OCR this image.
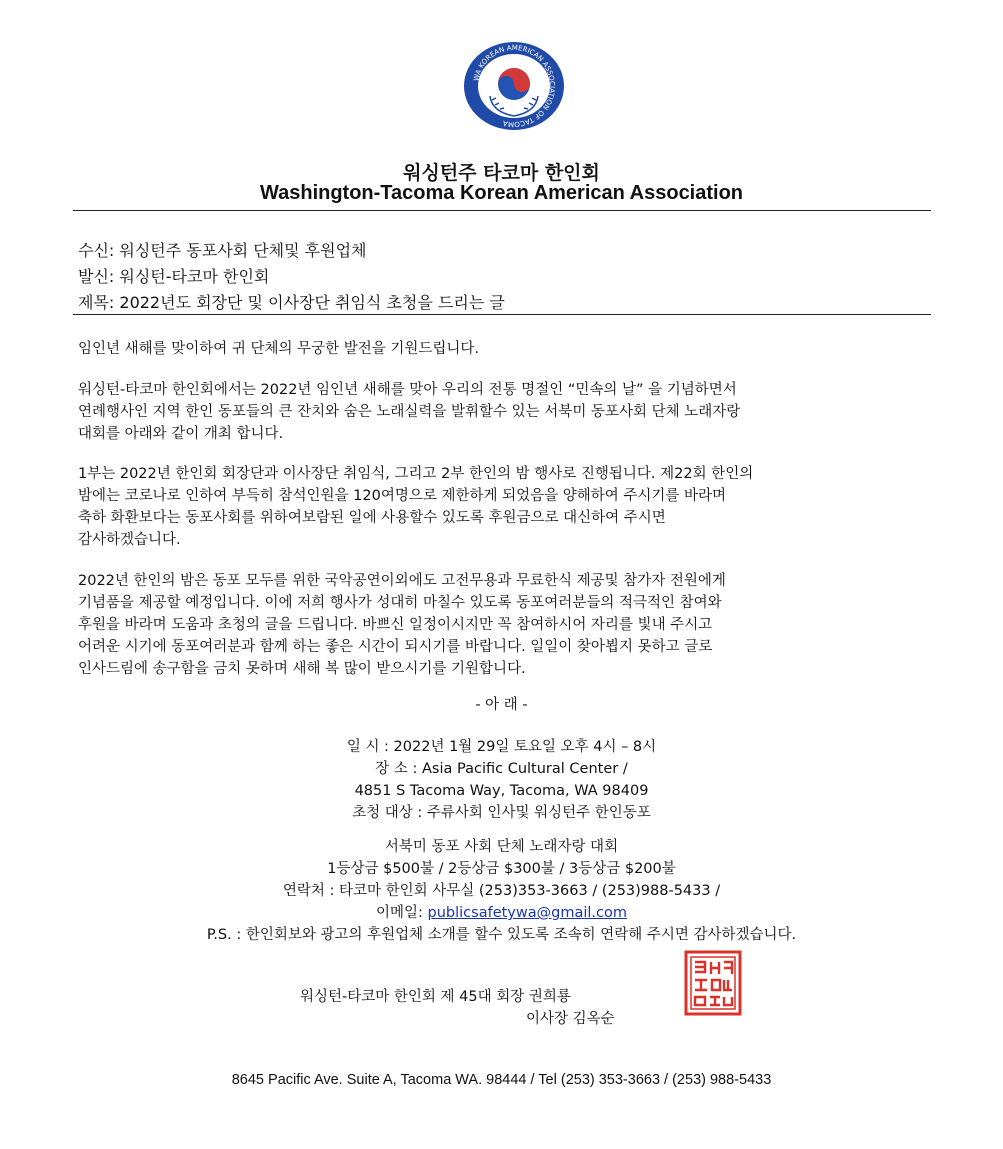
WA KOREAN AMERICAN ASSOCIATION OF TACOMA
워싱턴주 타코마 한인회
Washington-Tacoma Korean American Association
수신: 워싱턴주 동포사회 단체및 후원업체
발신: 워싱턴-타코마 한인회
제목: 2022년도 회장단 및 이사장단 취임식 초청을 드리는 글
임인년 새해를 맞이하여 귀 단체의 무궁한 발전을 기원드립니다.
워싱턴-타코마 한인회에서는 2022년 임인년 새해를 맞아 우리의 전통 명절인 “민속의 날” 을 기념하면서
연례행사인 지역 한인 동포들의 큰 잔치와 숨은 노래실력을 발휘할수 있는 서북미 동포사회 단체 노래자랑
대회를 아래와 같이 개최 합니다.
1부는 2022년 한인회 회장단과 이사장단 취임식, 그리고 2부 한인의 밤 행사로 진행됩니다. 제22회 한인의
밤에는 코로나로 인하여 부득히 참석인원을 120여명으로 제한하게 되었음을 양해하여 주시기를 바라며
축하 화환보다는 동포사회를 위하여보람된 일에 사용할수 있도록 후원금으로 대신하여 주시면
감사하겠습니다.
2022년 한인의 밤은 동포 모두를 위한 국악공연이외에도 고전무용과 무료한식 제공및 참가자 전원에게
기념품을 제공할 예정입니다. 이에 저희 행사가 성대히 마칠수 있도록 동포여러분들의 적극적인 참여와
후원을 바라며 도움과 초청의 글을 드립니다. 바쁘신 일정이시지만 꼭 참여하시어 자리를 빛내 주시고
어려운 시기에 동포여러분과 함께 하는 좋은 시간이 되시기를 바랍니다. 일일이 찾아뵙지 못하고 글로
인사드림에 송구함을 금치 못하며 새해 복 많이 받으시기를 기원합니다.
- 아 래 -
일 시 : 2022년 1월 29일 토요일 오후 4시 – 8시
장 소 : Asia Pacific Cultural Center /
4851 S Tacoma Way, Tacoma, WA 98409
초청 대상 : 주류사회 인사및 워싱턴주 한인동포
서북미 동포 사회 단체 노래자랑 대회
1등상금 $500불 / 2등상금 $300불 / 3등상금 $200불
연락처 : 타코마 한인회 사무실 (253)353-3663 / (253)988-5433 /
이메일: publicsafetywa@gmail.com
P.S. : 한인회보와 광고의 후원업체 소개를 할수 있도록 조속히 연락해 주시면 감사하겠습니다.
워싱턴-타코마 한인회 제 45대 회장 권희룡
이사장 김옥순
8645 Pacific Ave. Suite A, Tacoma WA. 98444 / Tel (253) 353-3663 / (253) 988-5433
